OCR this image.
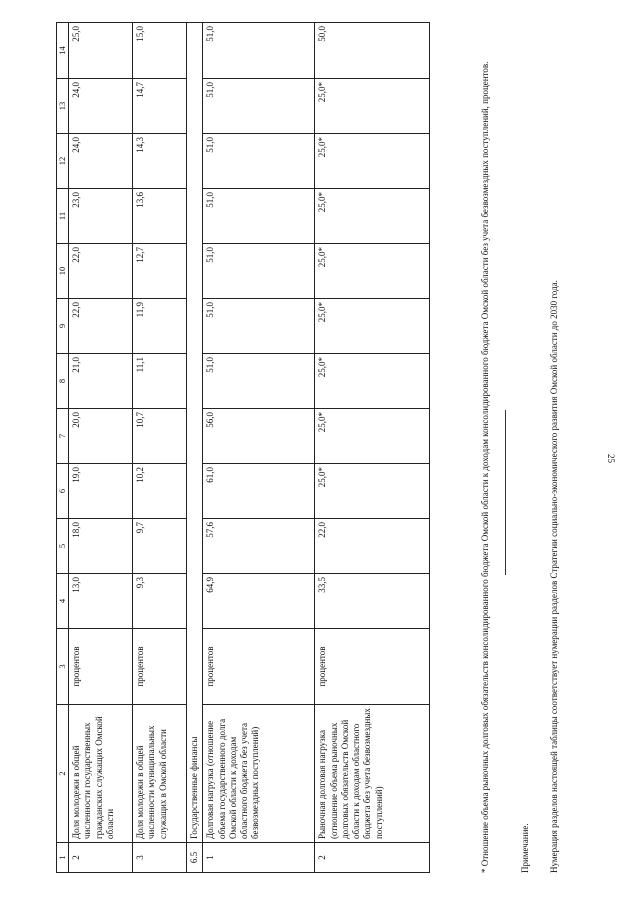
25
1	2	3	4	5	6	7	8	9	10	11	12	13	14
2	Доля молодежи в общей численности государственных гражданских служащих Омской области	процентов	13,0	18,0	19,0	20,0	21,0	22,0	22,0	23,0	24,0	24,0	25,0
3	Доля молодежи в общей численности муниципальных служащих в Омской области	процентов	9,3	9,7	10,2	10,7	11,1	11,9	12,7	13,6	14,3	14,7	15,0
6.5	Государственные финансы												
1	Долговая нагрузка (отношение объема государственного долга Омской области к доходам областного бюджета без учета безвозмездных поступлений)	процентов	64,9	57,6	61,0	56,0	51,0	51,0	51,0	51,0	51,0	51,0	51,0
2	Рыночная долговая нагрузка (отношение объема рыночных долговых обязательств Омской области к доходам областного бюджета без учета безвозмездных поступлений)	процентов	33,5	22,0	25,0*	25,0*	25,0*	25,0*	25,0*	25,0*	25,0*	25,0*	50,0
* Отношение объема рыночных долговых обязательств консолидированного бюджета Омской области к доходам консолидированного бюджета Омской области без учета безвозмездных поступлений, процентов.	Примечание. Нумерация разделов настоящей таблицы соответствует нумерации разделов Стратегии социально-экономического развития Омской области до 2030 года.
